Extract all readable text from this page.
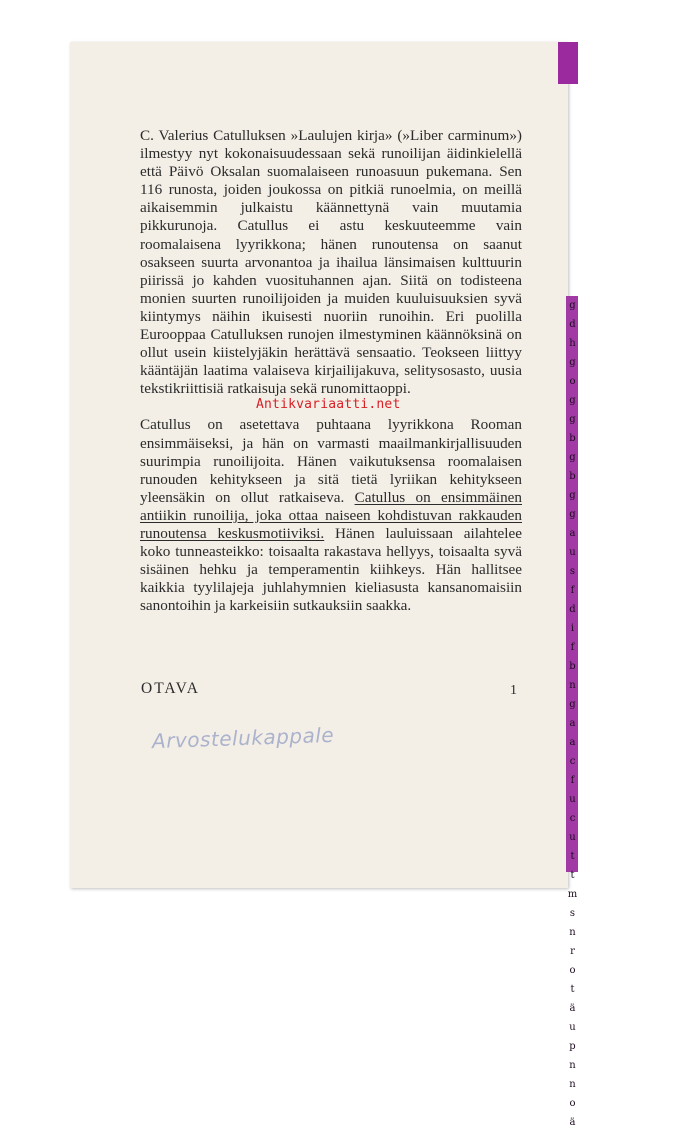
g
d
h
g
o
g
g
b
g
b
g
g
a
u
s
f
d
i
f
b
n
g
a
a
c
f
u
c
u
t
t
m
s
n
r
o
t
ä
u
p
n
n
o
ä

C. Valerius Catulluksen »Laulujen kirja» (»Liber carminum») ilmestyy nyt kokonaisuudessaan sekä runoilijan äidinkielellä että Päivö Oksalan suomalaiseen runoasuun pukemana. Sen 116 runosta, joiden joukossa on pitkiä runoelmia, on meillä aikaisemmin julkaistu käännettynä vain muutamia pikkurunoja. Catullus ei astu keskuuteemme vain roomalaisena lyyrikkona; hänen runoutensa on saanut osakseen suurta arvonantoa ja ihailua länsimaisen kulttuurin piirissä jo kahden vuosituhannen ajan. Siitä on todisteena monien suurten runoilijoiden ja muiden kuuluisuuksien syvä kiintymys näihin ikuisesti nuoriin runoihin. Eri puolilla Eurooppaa Catulluksen runojen ilmestyminen käännöksinä on ollut usein kiistelyjäkin herättävä sensaatio. Teokseen liittyy kääntäjän laatima valaiseva kirjailijakuva, selitysosasto, uusia tekstikriittisiä ratkaisuja sekä runomittaoppi.

Catullus on asetettava puhtaana lyyrikkona Rooman ensimmäiseksi, ja hän on varmasti maailmankirjallisuuden suurimpia runoilijoita. Hänen vaikutuksensa roomalaisen runouden kehitykseen ja sitä tietä lyriikan kehitykseen yleensäkin on ollut ratkaiseva. Catullus on ensimmäinen antiikin runoilija, joka ottaa naiseen kohdistuvan rakkauden runoutensa keskusmotiiviksi. Hänen lauluissaan ailahtelee koko tunneasteikko: toisaalta rakastava hellyys, toisaalta syvä sisäinen hehku ja temperamentin kiihkeys. Hän hallitsee kaikkia tyylilajeja juhlahymnien kieliasusta kansanomaisiin sanontoihin ja karkeisiin sutkauksiin saakka.

Antikvariaatti.net
OTAVA	1
Arvostelukappale
